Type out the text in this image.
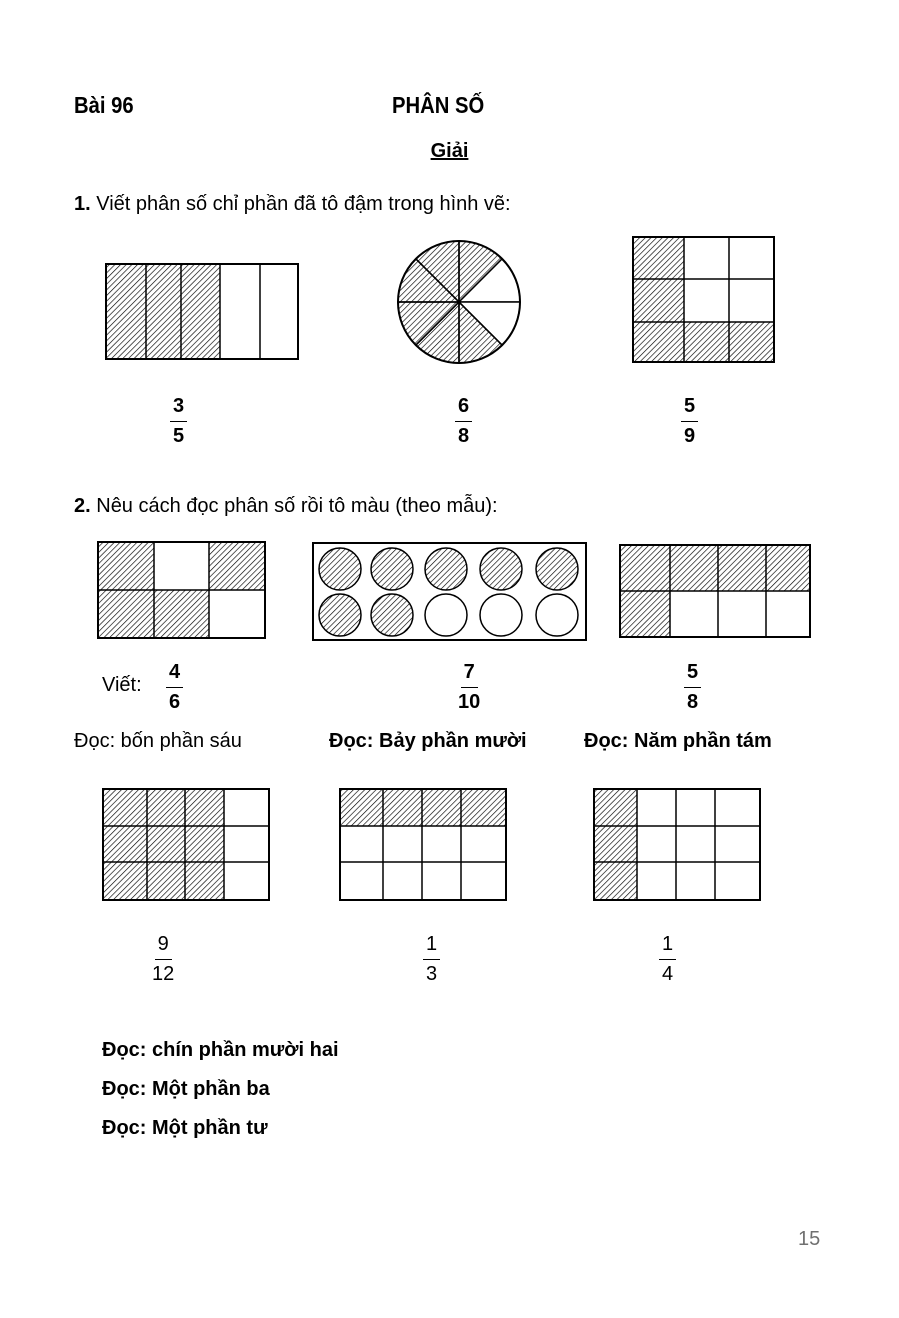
Bài 96	PHÂN SỐ
Giải
1. Viết phân số chỉ phần đã tô đậm trong hình vẽ:
$\frac{3}{5}$	$\frac{6}{8}$	$\frac{5}{9}$
2. Nêu cách đọc phân số rồi tô màu (theo mẫu):
Viết: $\frac{4}{6}$	$\frac{7}{10}$	$\frac{5}{8}$
Đọc: bốn phần sáu	Đọc: Bảy phần mười	Đọc: Năm phần tám
$\frac{9}{12}$	$\frac{1}{3}$	$\frac{1}{4}$
Đọc: chín phần mười hai
Đọc: Một phần ba
Đọc: Một phần tư
15
